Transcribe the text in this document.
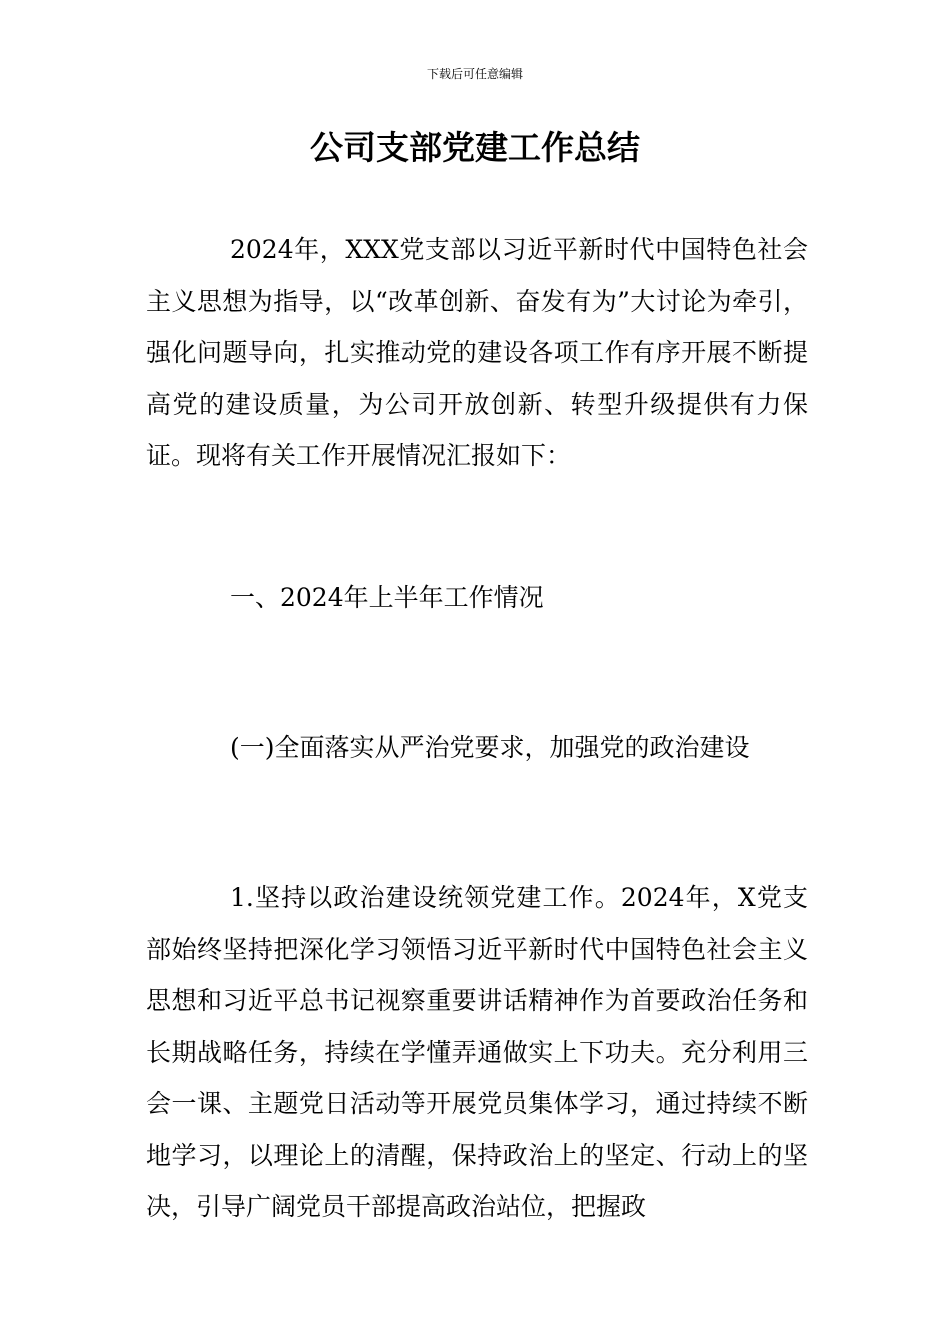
下载后可任意编辑
公司支部党建工作总结

2024年，XXX党支部以习近平新时代中国特色社会主义思想为指导，以“改革创新、奋发有为”大讨论为牵引，强化问题导向，扎实推动党的建设各项工作有序开展不断提高党的建设质量，为公司开放创新、转型升级提供有力保证。现将有关工作开展情况汇报如下：

一、2024年上半年工作情况

(一)全面落实从严治党要求，加强党的政治建设

1.坚持以政治建设统领党建工作。2024年，X党支部始终坚持把深化学习领悟习近平新时代中国特色社会主义思想和习近平总书记视察重要讲话精神作为首要政治任务和长期战略任务，持续在学懂弄通做实上下功夫。充分利用三会一课、主题党日活动等开展党员集体学习，通过持续不断地学习，以理论上的清醒，保持政治上的坚定、行动上的坚决，引导广阔党员干部提高政治站位，把握政
